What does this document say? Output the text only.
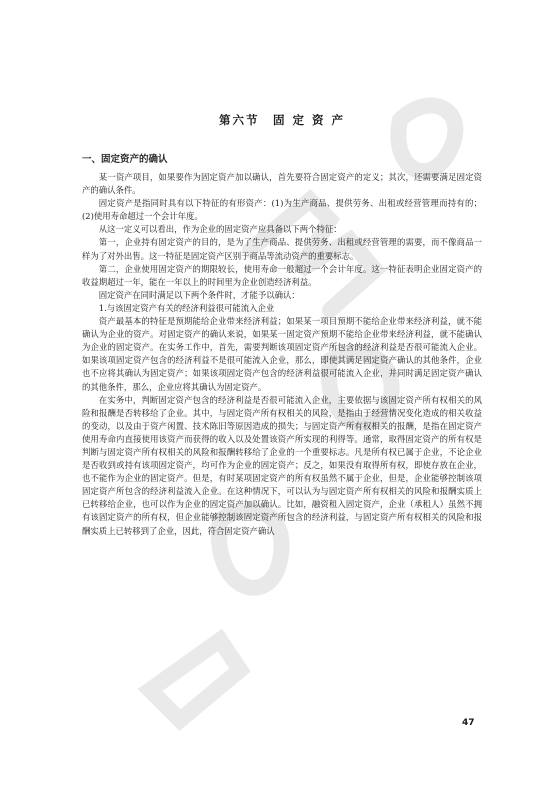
第六节　固 定 资 产
一、固定资产的确认

某一资产项目，如果要作为固定资产加以确认，首先要符合固定资产的定义；其次，还需要满足固定资产的确认条件。

固定资产是指同时具有以下特征的有形资产：(1)为生产商品、提供劳务、出租或经营管理而持有的；(2)使用寿命超过一个会计年度。

从这一定义可以看出，作为企业的固定资产应具备以下两个特征：

第一，企业持有固定资产的目的，是为了生产商品、提供劳务、出租或经营管理的需要，而不像商品一样为了对外出售。这一特征是固定资产区别于商品等流动资产的重要标志。

第二，企业使用固定资产的期限较长，使用寿命一般超过一个会计年度。这一特征表明企业固定资产的收益期超过一年，能在一年以上的时间里为企业创造经济利益。

固定资产在同时满足以下两个条件时，才能予以确认：

1.与该固定资产有关的经济利益很可能流入企业

资产最基本的特征是预期能给企业带来经济利益；如果某一项目预期不能给企业带来经济利益，就不能确认为企业的资产。对固定资产的确认来说，如果某一固定资产预期不能给企业带来经济利益，就不能确认为企业的固定资产。在实务工作中，首先，需要判断该项固定资产所包含的经济利益是否很可能流入企业。如果该项固定资产包含的经济利益不是很可能流入企业，那么，即使其满足固定资产确认的其他条件，企业也不应将其确认为固定资产；如果该项固定资产包含的经济利益很可能流入企业，并同时满足固定资产确认的其他条件，那么，企业应将其确认为固定资产。

在实务中，判断固定资产包含的经济利益是否很可能流入企业，主要依据与该固定资产所有权相关的风险和报酬是否转移给了企业。其中，与固定资产所有权相关的风险，是指由于经营情况变化造成的相关收益的变动，以及由于资产闲置、技术陈旧等原因造成的损失；与固定资产所有权相关的报酬，是指在固定资产使用寿命内直接使用该资产而获得的收入以及处置该资产所实现的利得等。通常，取得固定资产的所有权是判断与固定资产所有权相关的风险和报酬转移给了企业的一个重要标志。凡是所有权已属于企业，不论企业是否收到或持有该项固定资产，均可作为企业的固定资产；反之，如果没有取得所有权，即使存放在企业，也不能作为企业的固定资产。但是，有时某项固定资产的所有权虽然不属于企业，但是，企业能够控制该项固定资产所包含的经济利益流入企业。在这种情况下，可以认为与固定资产所有权相关的风险和报酬实质上已转移给企业，也可以作为企业的固定资产加以确认。比如，融资租入固定资产，企业（承租人）虽然不拥有该固定资产的所有权，但企业能够控制该固定资产所包含的经济利益，与固定资产所有权相关的风险和报酬实质上已转移到了企业，因此，符合固定资产确认

47
